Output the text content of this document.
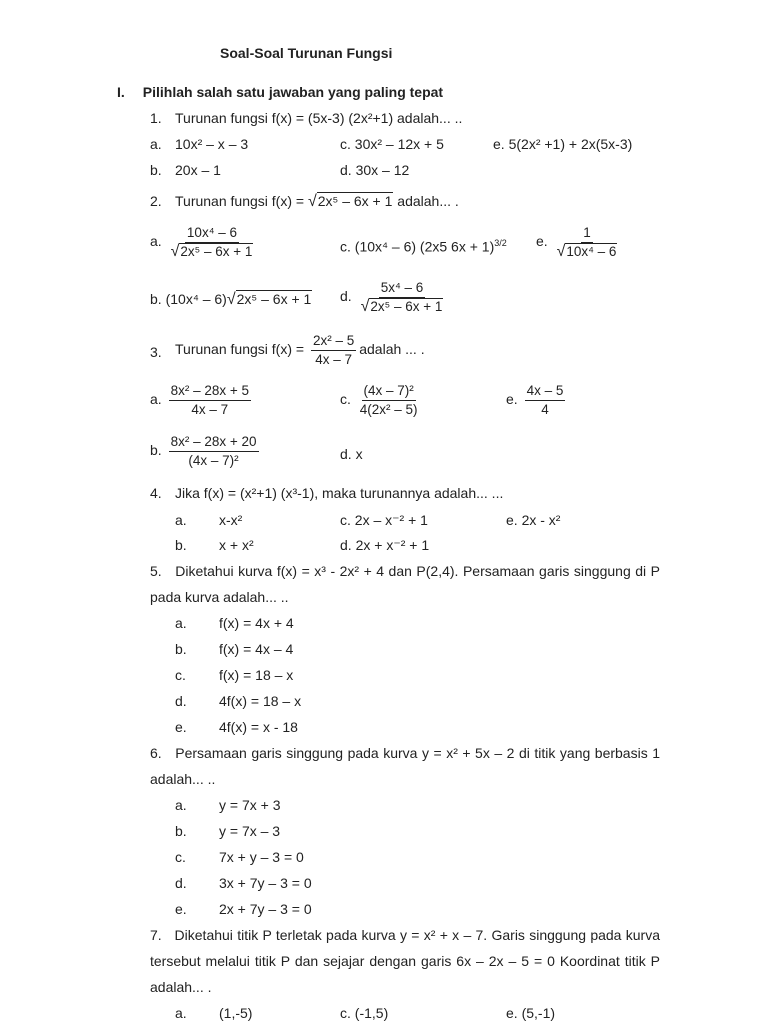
Soal-Soal Turunan Fungsi
I. Pilihlah salah satu jawaban yang paling tepat
1. Turunan fungsi f(x) = (5x-3) (2x²+1) adalah... ..
a. 10x² – x – 3	c. 30x² – 12x + 5	e. 5(2x² +1) + 2x(5x-3)
b. 20x – 1	d. 30x – 12
2. Turunan fungsi f(x) = √2x⁵ – 6x + 1 adalah... .
a. $\frac{\text{10x⁴ – 6}}{\text{√2x⁵ – 6x + 1}}$	c. (10x⁴ – 6) (2x5 6x + 1)$^{3/2}$ e. $\frac{1}{\text{√10x⁴ – 6}}$
b. (10x⁴ – 6)√2x⁵ – 6x + 1 d. $\frac{\text{5x⁴ – 6}}{\text{√2x⁵ – 6x + 1}}$
3. Turunan fungsi $f(x) = \frac{\text{2x² – 5}}{4x - 7}$ adalah ... .
a. $\frac{\text{8x² – 28x + 5}}{4x - 7}$	c. $\frac{\text{(4x – 7)²}}{\text{4(2x² – 5)}}$	e. $\frac{4x - 5}{4}$
b. $\frac{\text{8x² – 28x + 20}}{\text{(4x – 7)²}}$	d. x
4. Jika f(x) = (x²+1) (x³-1), maka turunannya adalah... ...
a. x-x²	c. 2x – x⁻² + 1	e. 2x - x²
b. x + x²	d. 2x + x⁻² + 1
5. Diketahui kurva f(x) = x³ - 2x² + 4 dan P(2,4). Persamaan garis singgung di P pada kurva adalah... ..
a. f(x) = 4x + 4
b. f(x) = 4x – 4
c. f(x) = 18 – x
d. 4f(x) = 18 – x
e. 4f(x) = x - 18
6. Persamaan garis singgung pada kurva y = x² + 5x – 2 di titik yang berbasis 1 adalah... ..
a. y = 7x + 3
b. y = 7x – 3
c. 7x + y – 3 = 0
d. 3x + 7y – 3 = 0
e. 2x + 7y – 3 = 0
7. Diketahui titik P terletak pada kurva y = x² + x – 7. Garis singgung pada kurva tersebut melalui titik P dan sejajar dengan garis 6x – 2x – 5 = 0 Koordinat titik P adalah... .
a. (1,-5)	c. (-1,5)	e. (5,-1)
